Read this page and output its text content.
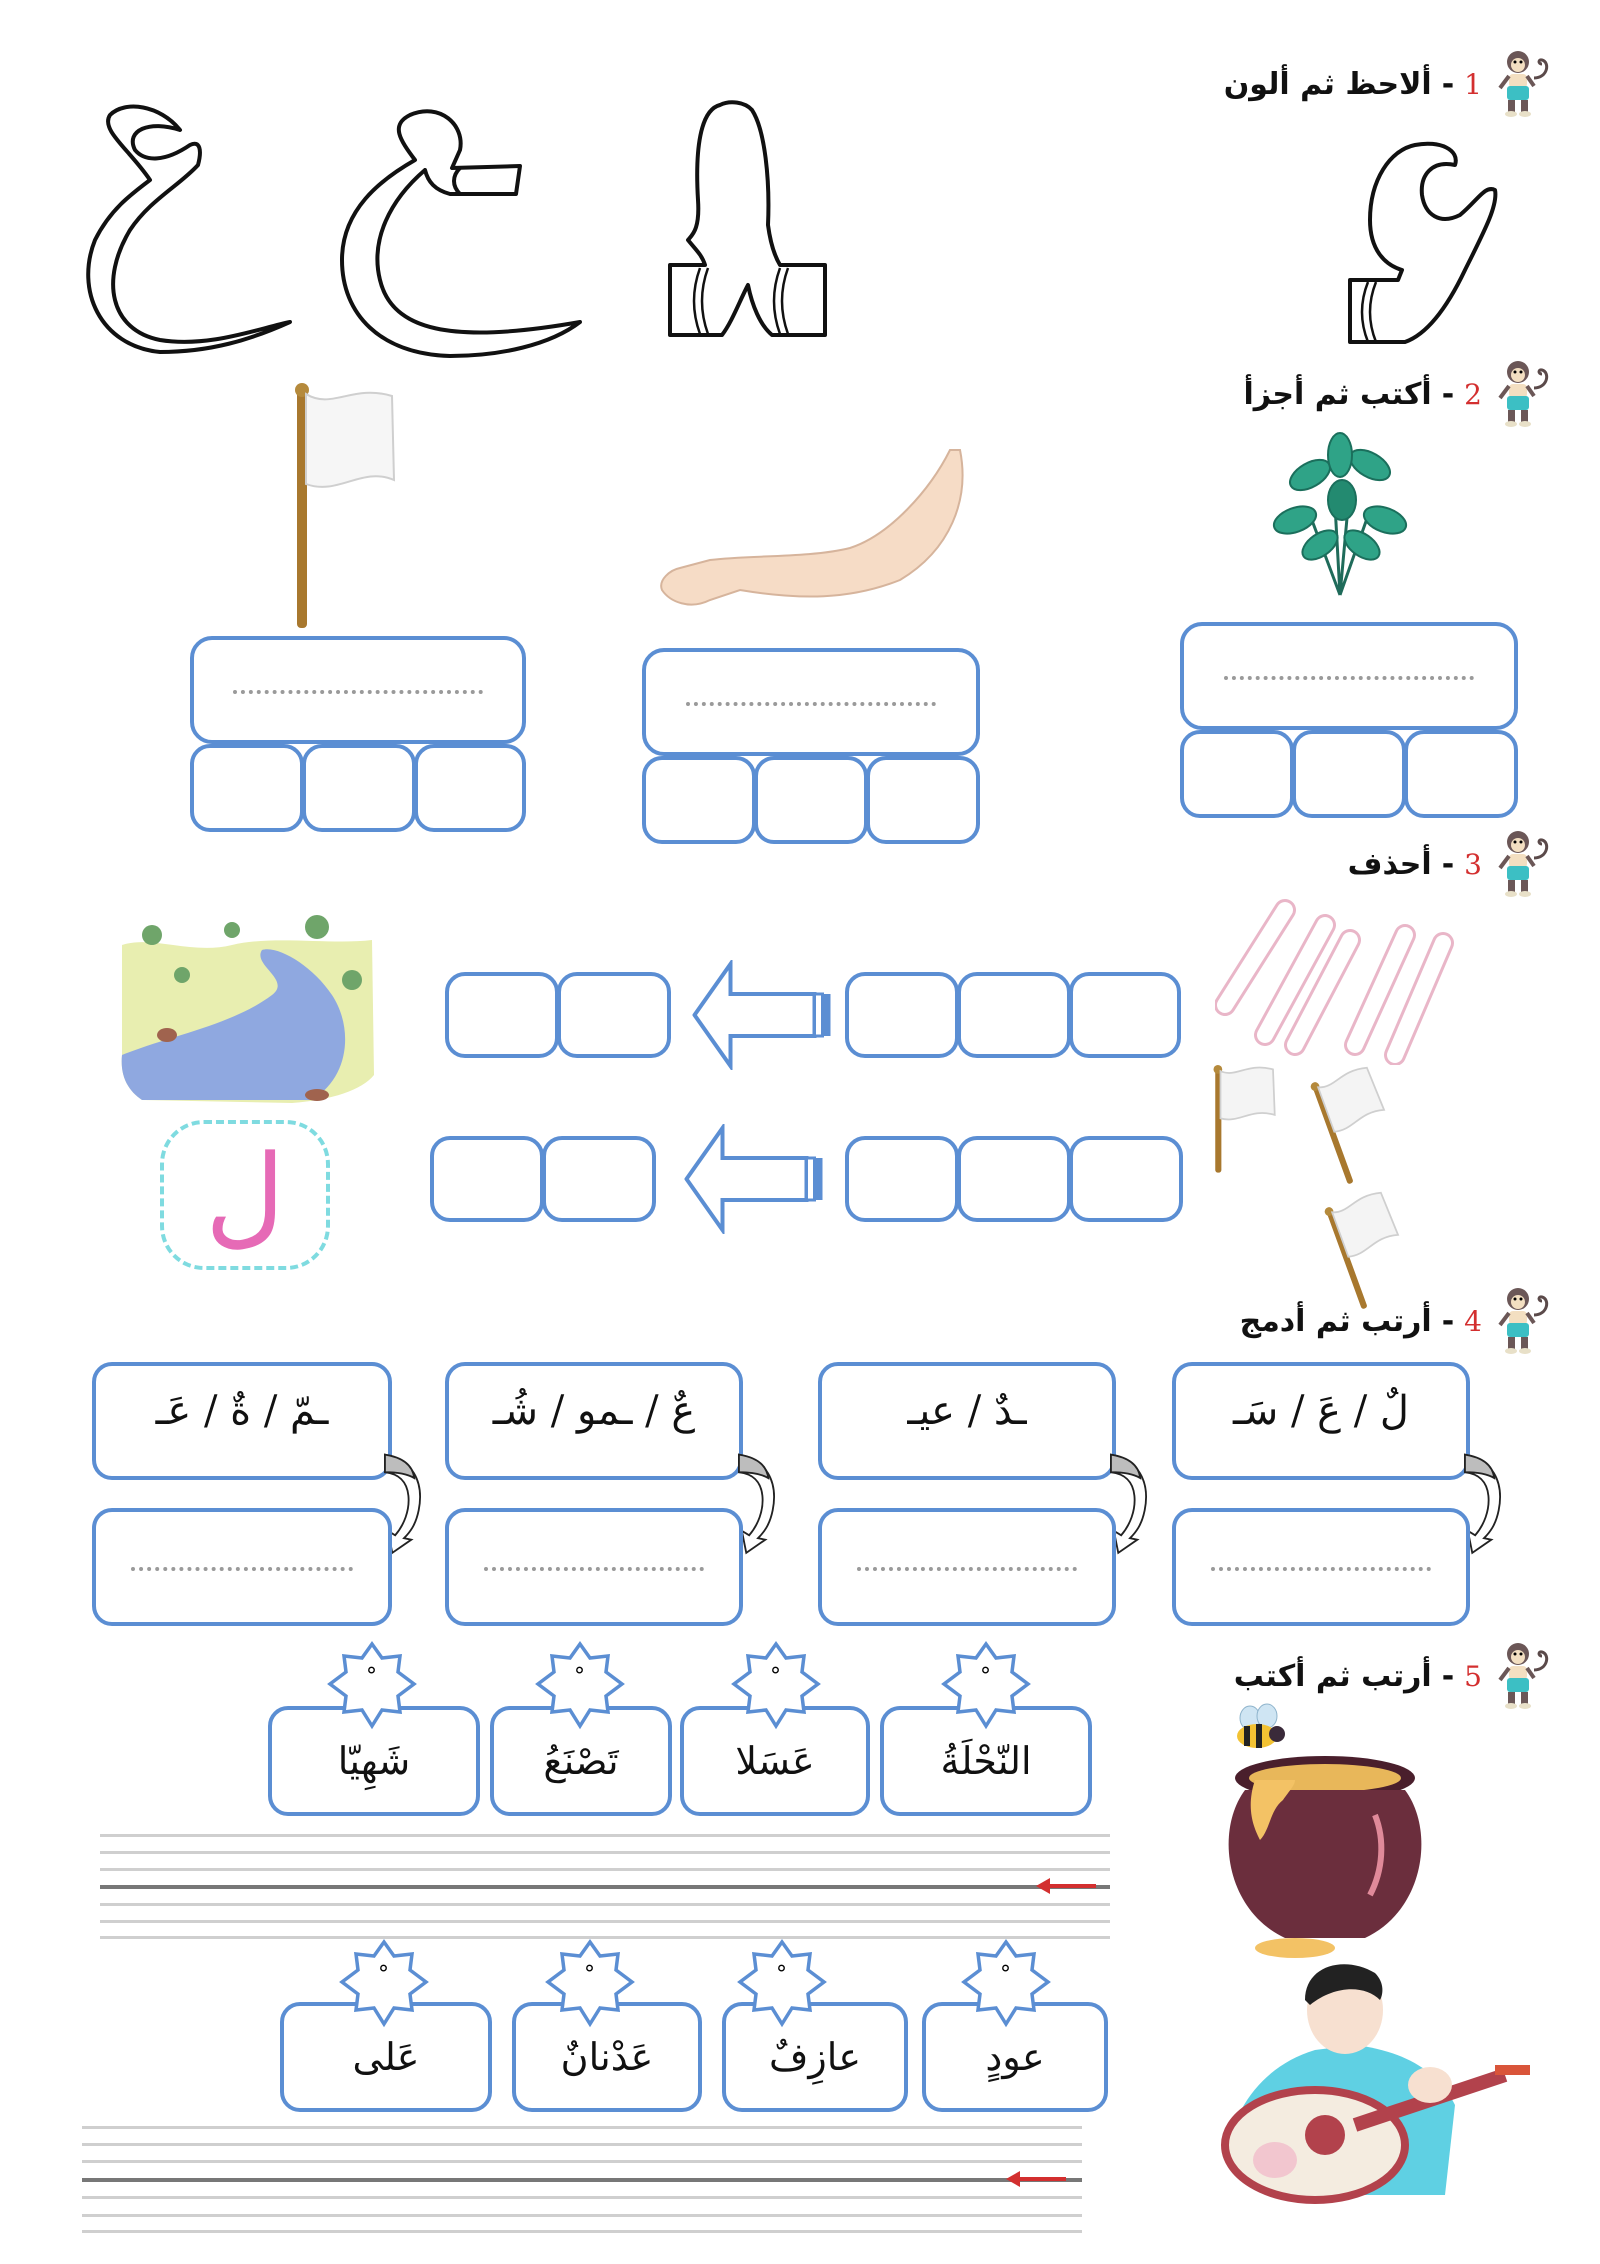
1
-
ألاحظ ثم ألون
2
-
أكتب ثم أجزأ
3
-
أحذف
ل
4
-
أرتب ثم أدمج
لٌ / عَ / سَـ
ـدٌ / عيـ
عٌ / ـمو / شُـ
ـمّ / ةٌ / عَـ
5
-
أرتب ثم أكتب
النّحْلَةُ
°
عَسَلا
°
تَصْنَعُ
°
شَهِيّا
°
عودٍ
°
عازِفٌ
°
عَدْنانٌ
°
عَلى
°
